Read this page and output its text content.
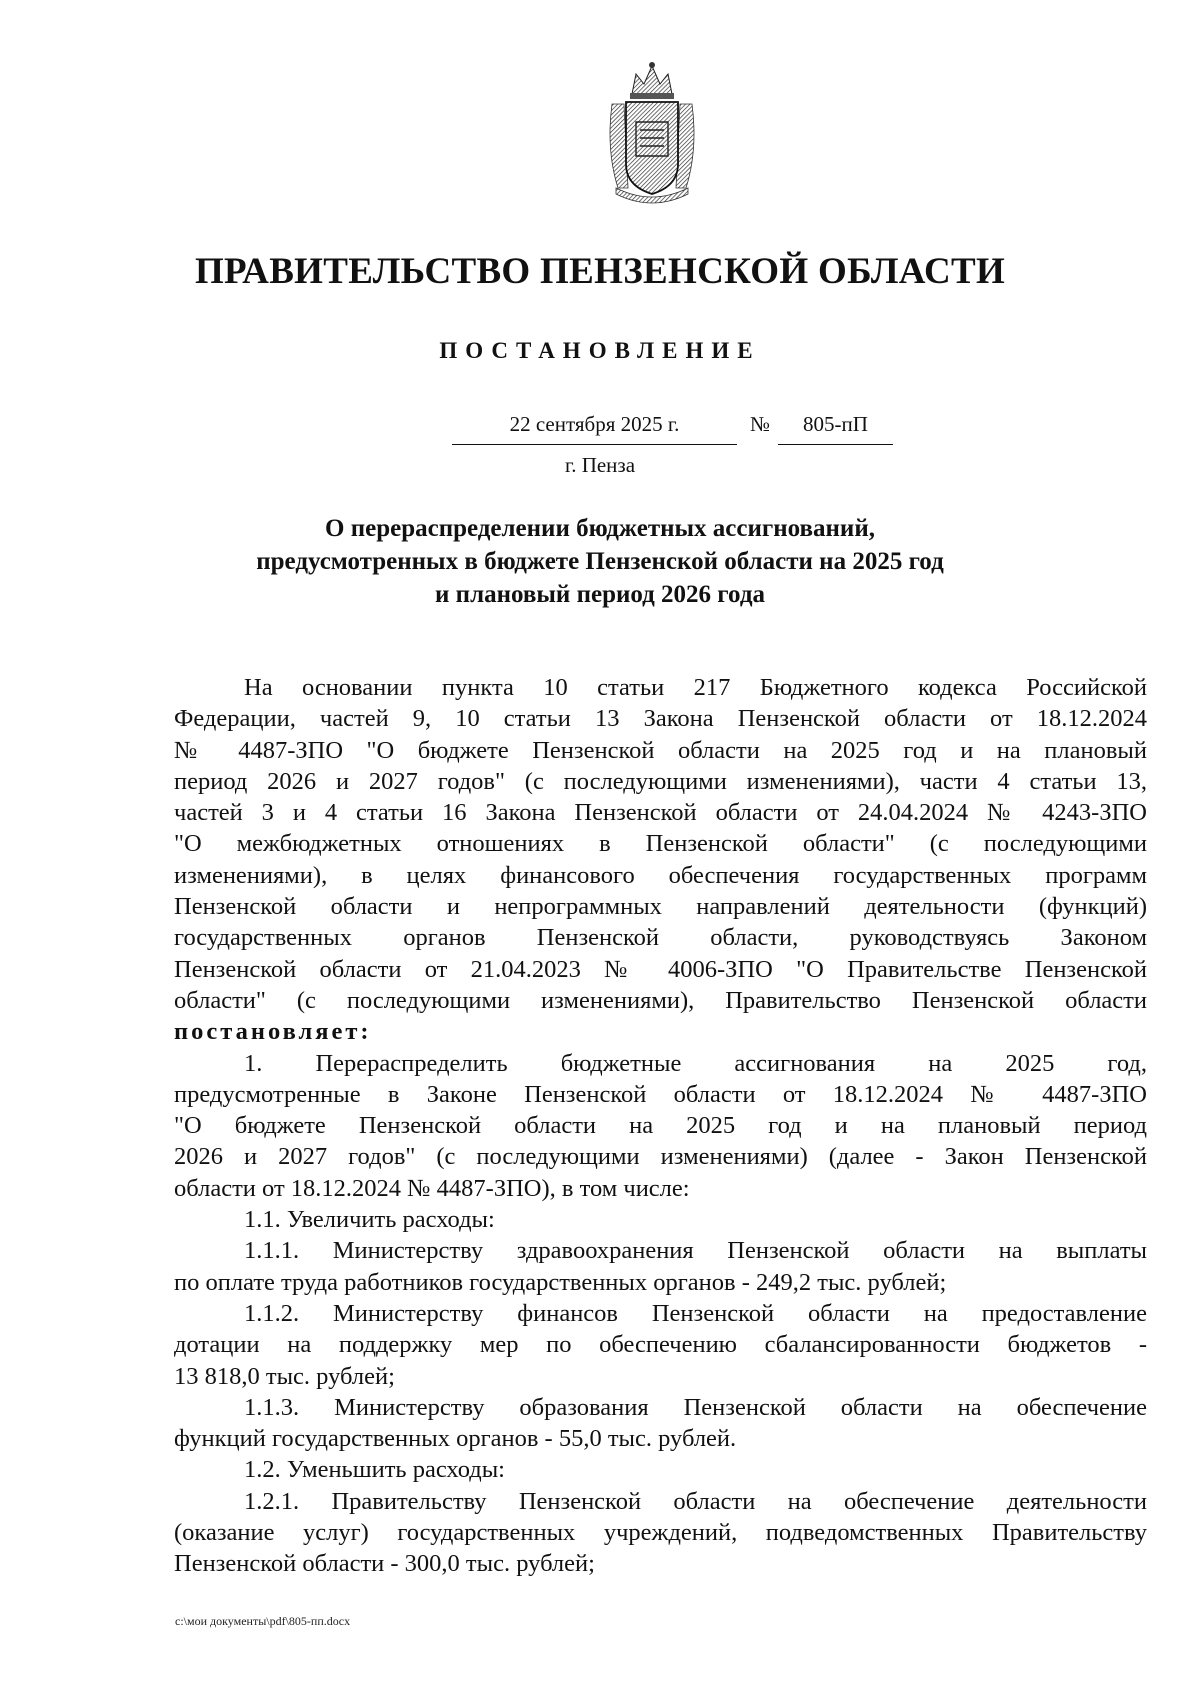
ПРАВИТЕЛЬСТВО ПЕНЗЕНСКОЙ ОБЛАСТИ
ПОСТАНОВЛЕНИЕ
22 сентября 2025 г.	№	805-пП
г. Пенза
О перераспределении бюджетных ассигнований,
предусмотренных в бюджете Пензенской области на 2025 год
и плановый период 2026 года
На основании пункта 10 статьи 217 Бюджетного кодекса Российской
Федерации, частей 9, 10 статьи 13 Закона Пензенской области от 18.12.2024
№ 4487-ЗПО "О бюджете Пензенской области на 2025 год и на плановый
период 2026 и 2027 годов" (с последующими изменениями), части 4 статьи 13,
частей 3 и 4 статьи 16 Закона Пензенской области от 24.04.2024 № 4243-ЗПО
"О межбюджетных отношениях в Пензенской области" (с последующими
изменениями), в целях финансового обеспечения государственных программ
Пензенской области и непрограммных направлений деятельности (функций)
государственных органов Пензенской области, руководствуясь Законом
Пензенской области от 21.04.2023 № 4006-ЗПО "О Правительстве Пензенской
области" (с последующими изменениями), Правительство Пензенской области
постановляет:
1. Перераспределить бюджетные ассигнования на 2025 год,
предусмотренные в Законе Пензенской области от 18.12.2024 № 4487-ЗПО
"О бюджете Пензенской области на 2025 год и на плановый период
2026 и 2027 годов" (с последующими изменениями) (далее - Закон Пензенской
области от 18.12.2024 № 4487-ЗПО), в том числе:
1.1. Увеличить расходы:
1.1.1. Министерству здравоохранения Пензенской области на выплаты
по оплате труда работников государственных органов - 249,2 тыс. рублей;
1.1.2. Министерству финансов Пензенской области на предоставление
дотации на поддержку мер по обеспечению сбалансированности бюджетов -
13 818,0 тыс. рублей;
1.1.3. Министерству образования Пензенской области на обеспечение
функций государственных органов - 55,0 тыс. рублей.
1.2. Уменьшить расходы:
1.2.1. Правительству Пензенской области на обеспечение деятельности
(оказание услуг) государственных учреждений, подведомственных Правительству
Пензенской области - 300,0 тыс. рублей;
c:\мои документы\pdf\805-пп.docx
